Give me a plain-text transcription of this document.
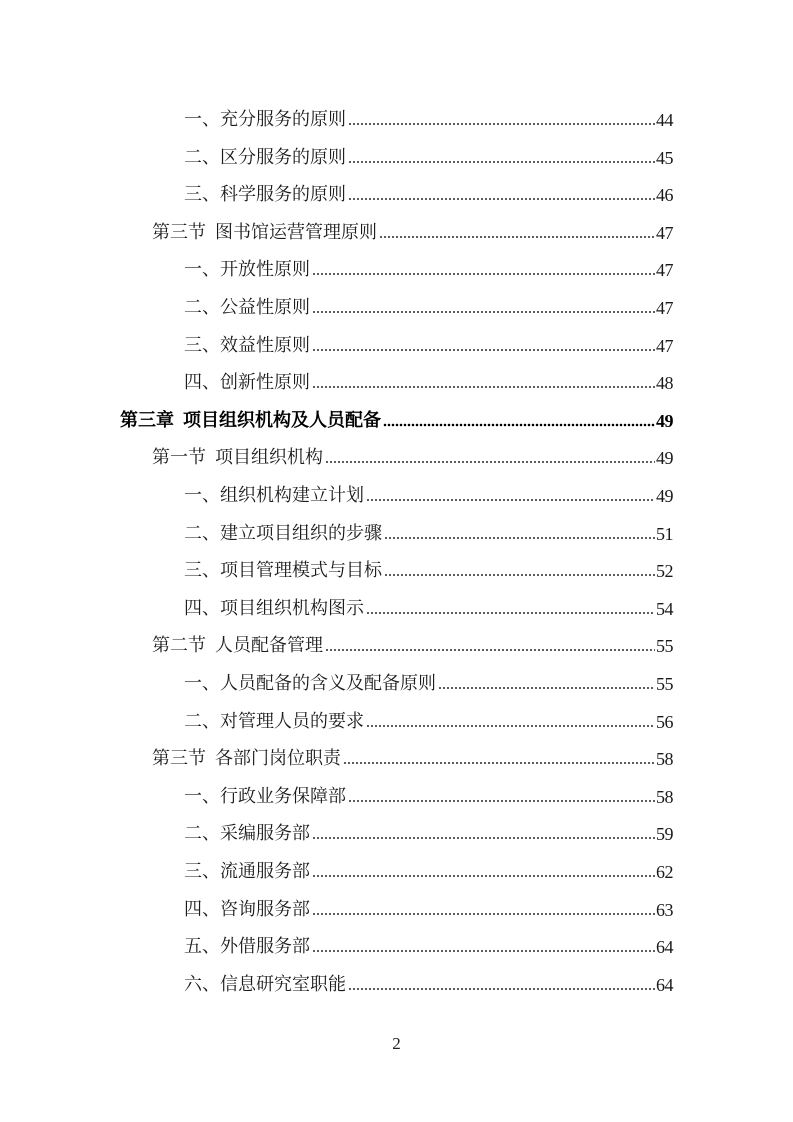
一、充分服务的原则	44
二、区分服务的原则	45
三、科学服务的原则	46
第三节 图书馆运营管理原则	47
一、开放性原则	47
二、公益性原则	47
三、效益性原则	47
四、创新性原则	48
第三章 项目组织机构及人员配备	49
第一节 项目组织机构	49
一、组织机构建立计划	49
二、建立项目组织的步骤	51
三、项目管理模式与目标	52
四、项目组织机构图示	54
第二节 人员配备管理	55
一、人员配备的含义及配备原则	55
二、对管理人员的要求	56
第三节 各部门岗位职责	58
一、行政业务保障部	58
二、采编服务部	59
三、流通服务部	62
四、咨询服务部	63
五、外借服务部	64
六、信息研究室职能	64
2
